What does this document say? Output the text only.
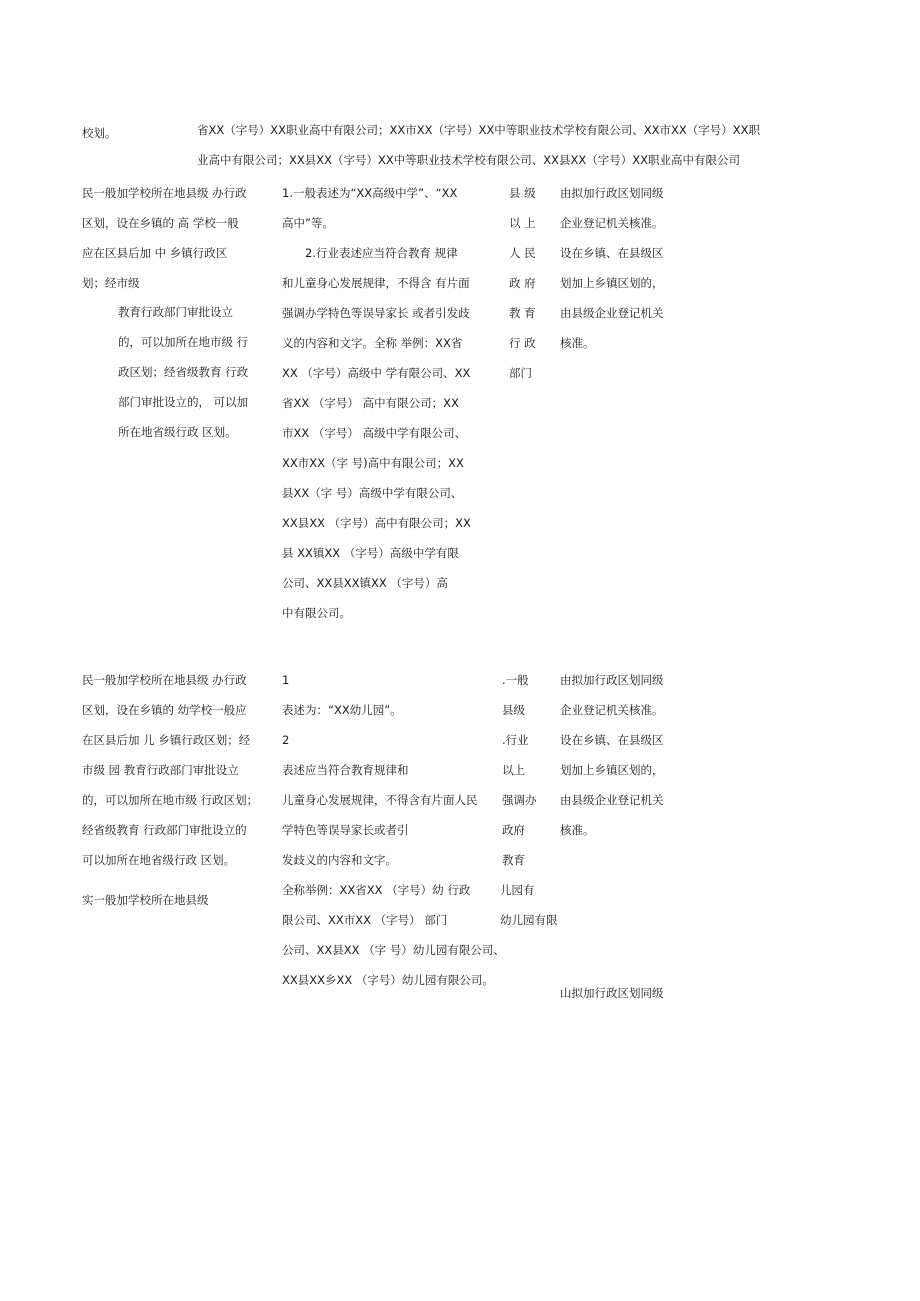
校划。	省XX（字号）XX职业高中有限公司；XX市XX（字号）XX中等职业技术学校有限公司、XX市XX（字号）XX职
业高中有限公司；XX县XX（字号）XX中等职业技术学校有限公司、XX县XX（字号）XX职业高中有限公司
民一般加学校所在地县级 办行政
区划，设在乡镇的 高 学校一般
应在区县后加 中 乡镇行政区
划；经市级
教育行政部门审批设立
的，可以加所在地市级 行
政区划；经省级教育 行政
部门审批设立的， 可以加
所在地省级行政 区划。
1.一般表述为“XX高级中学”、“XX
高中”等。
　　2.行业表述应当符合教育 规律
和儿童身心发展规律，不得含 有片面
强调办学特色等误导家长 或者引发歧
义的内容和文字。全称 举例：XX省
XX （字号）高级中 学有限公司、XX
省XX （字号） 高中有限公司；XX
市XX （字号） 高级中学有限公司、
XX市XX（字 号)高中有限公司；XX
县XX（字 号）高级中学有限公司、
XX县XX （字号）高中有限公司；XX
县 XX镇XX （字号）高级中学有限
公司、XX县XX镇XX （字号）高
中有限公司。
县 级
以 上
人 民
政 府
教 育
行 政
部门
由拟加行政区划同级
企业登记机关核准。
设在乡镇、在县级区
划加上乡镇区划的，
由县级企业登记机关
核准。
民一般加学校所在地县级 办行政
区划，设在乡镇的 幼学校一般应
在区县后加 儿 乡镇行政区划；经
市级 园 教育行政部门审批设立
的，可以加所在地市级 行政区划；
经省级教育 行政部门审批设立的
可以加所在地省级行政 区划。
实一般加学校所在地县级
1
表述为：“XX幼儿园”。
2
表述应当符合教育规律和
儿童身心发展规律，不得含有片面人民
学特色等误导家长或者引
发歧义的内容和文字。
全称举例：XX省XX （字号）幼 行政
限公司、XX市XX （字号） 部门
公司、XX县XX （字 号）幼儿园有限公司、
XX县XX乡XX （字号）幼儿园有限公司。
.一般
县级
.行业
以上
强调办
政府
教育
儿园有
幼儿园有限
由拟加行政区划同级
企业登记机关核准。
设在乡镇、在县级区
划加上乡镇区划的，
由县级企业登记机关
核准。
山拟加行政区划同级
